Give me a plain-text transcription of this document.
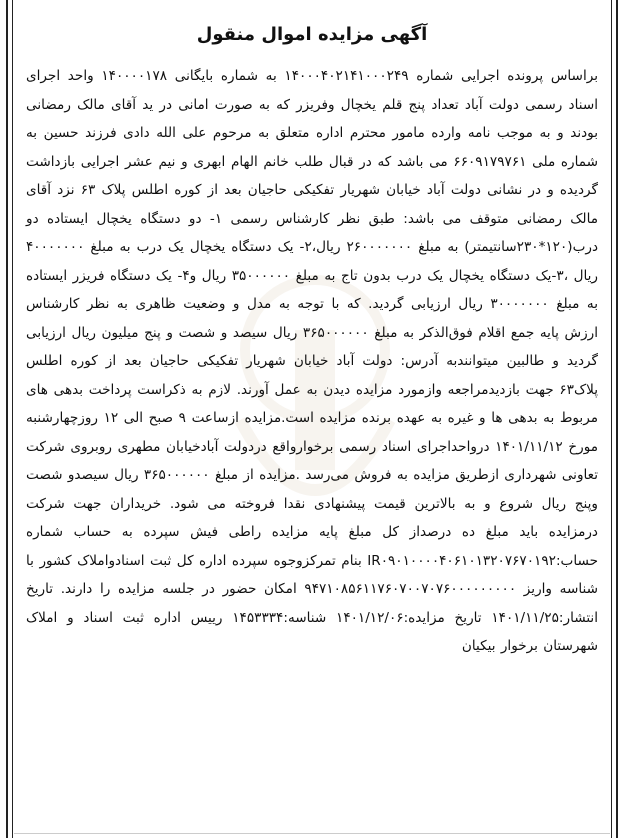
آگهی مزایده اموال منقول
براساس پرونده اجرایی شماره ۱۴۰۰۰۴۰۲۱۴۱۰۰۰۲۴۹ به شماره بایگانی ۱۴۰۰۰۰۱۷۸ واحد اجرای اسناد رسمی دولت آباد تعداد پنج قلم یخچال وفریزر که به صورت امانی در ید آقای مالک رمضانی بودند و به موجب نامه وارده مامور محترم اداره متعلق به مرحوم علی الله دادی فرزند حسین به شماره ملی ۶۶۰۹۱۷۹۷۶۱ می باشد که در قبال طلب خانم الهام ابهری و نیم عشر اجرایی بازداشت گردیده و در نشانی دولت آباد خیابان شهریار تفکیکی حاجیان بعد از کوره اطلس پلاک ۶۳ نزد آقای مالک رمضانی متوقف می باشد: طبق نظر کارشناس رسمی ۱- دو دستگاه یخچال ایستاده دو درب(۱۲۰*۲۳۰سانتیمتر) به مبلغ ۲۶۰۰۰۰۰۰۰ ریال،۲- یک دستگاه یخچال یک درب به مبلغ ۴۰۰۰۰۰۰۰ ریال ،۳-یک دستگاه یخچال یک درب بدون تاج به مبلغ ۳۵۰۰۰۰۰۰ ریال و۴- یک دستگاه فریزر ایستاده به مبلغ ۳۰۰۰۰۰۰۰ ریال ارزیابی گردید. که با توجه به مدل و وضعیت ظاهری به نظر کارشناس ارزش پایه جمع اقلام فوق‌الذکر به مبلغ ۳۶۵۰۰۰۰۰۰ ریال سیصد و شصت و پنج میلیون ریال ارزیابی گردید و طالبین میتوانندبه آدرس: دولت آباد خیابان شهریار تفکیکی حاجیان بعد از کوره اطلس پلاک۶۳ جهت بازدیدمراجعه وازمورد مزایده دیدن به عمل آورند. لازم به ذکراست پرداخت بدهی های مربوط به بدهی ها و غیره به عهده برنده مزایده است.مزایده ازساعت ۹ صبح الی ۱۲ روزچهارشنبه مورخ ۱۴۰۱/۱۱/۱۲ درواحداجرای اسناد رسمی برخوارواقع دردولت آبادخیابان مطهری روبروی شرکت تعاونی شهرداری ازطریق مزایده به فروش می‌رسد .مزایده از مبلغ ۳۶۵۰۰۰۰۰۰ ریال سیصدو شصت وپنج ریال شروع و به بالاترین قیمت پیشنهادی نقدا فروخته می شود. خریداران جهت شرکت درمزایده باید مبلغ ده درصداز کل مبلغ پایه مزایده راطی فیش سپرده به حساب شماره حساب:IR۰۹۰۱۰۰۰۰۴۰۶۱۰۱۳۲۰۷۶۷۰۱۹۲ بنام تمرکزوجوه سپرده اداره کل ثبت اسنادواملاک کشور با شناسه واریز ۹۴۷۱۰۸۵۶۱۱۷۶۰۷۰۰۷۰۷۶۰۰۰۰۰۰۰۰۰ امکان حضور در جلسه مزایده را دارند. تاریخ انتشار:۱۴۰۱/۱۱/۲۵ تاریخ مزایده:۱۴۰۱/۱۲/۰۶ شناسه:۱۴۵۳۳۳۴ رییس اداره ثبت اسناد و املاک شهرستان برخوار بیکیان
